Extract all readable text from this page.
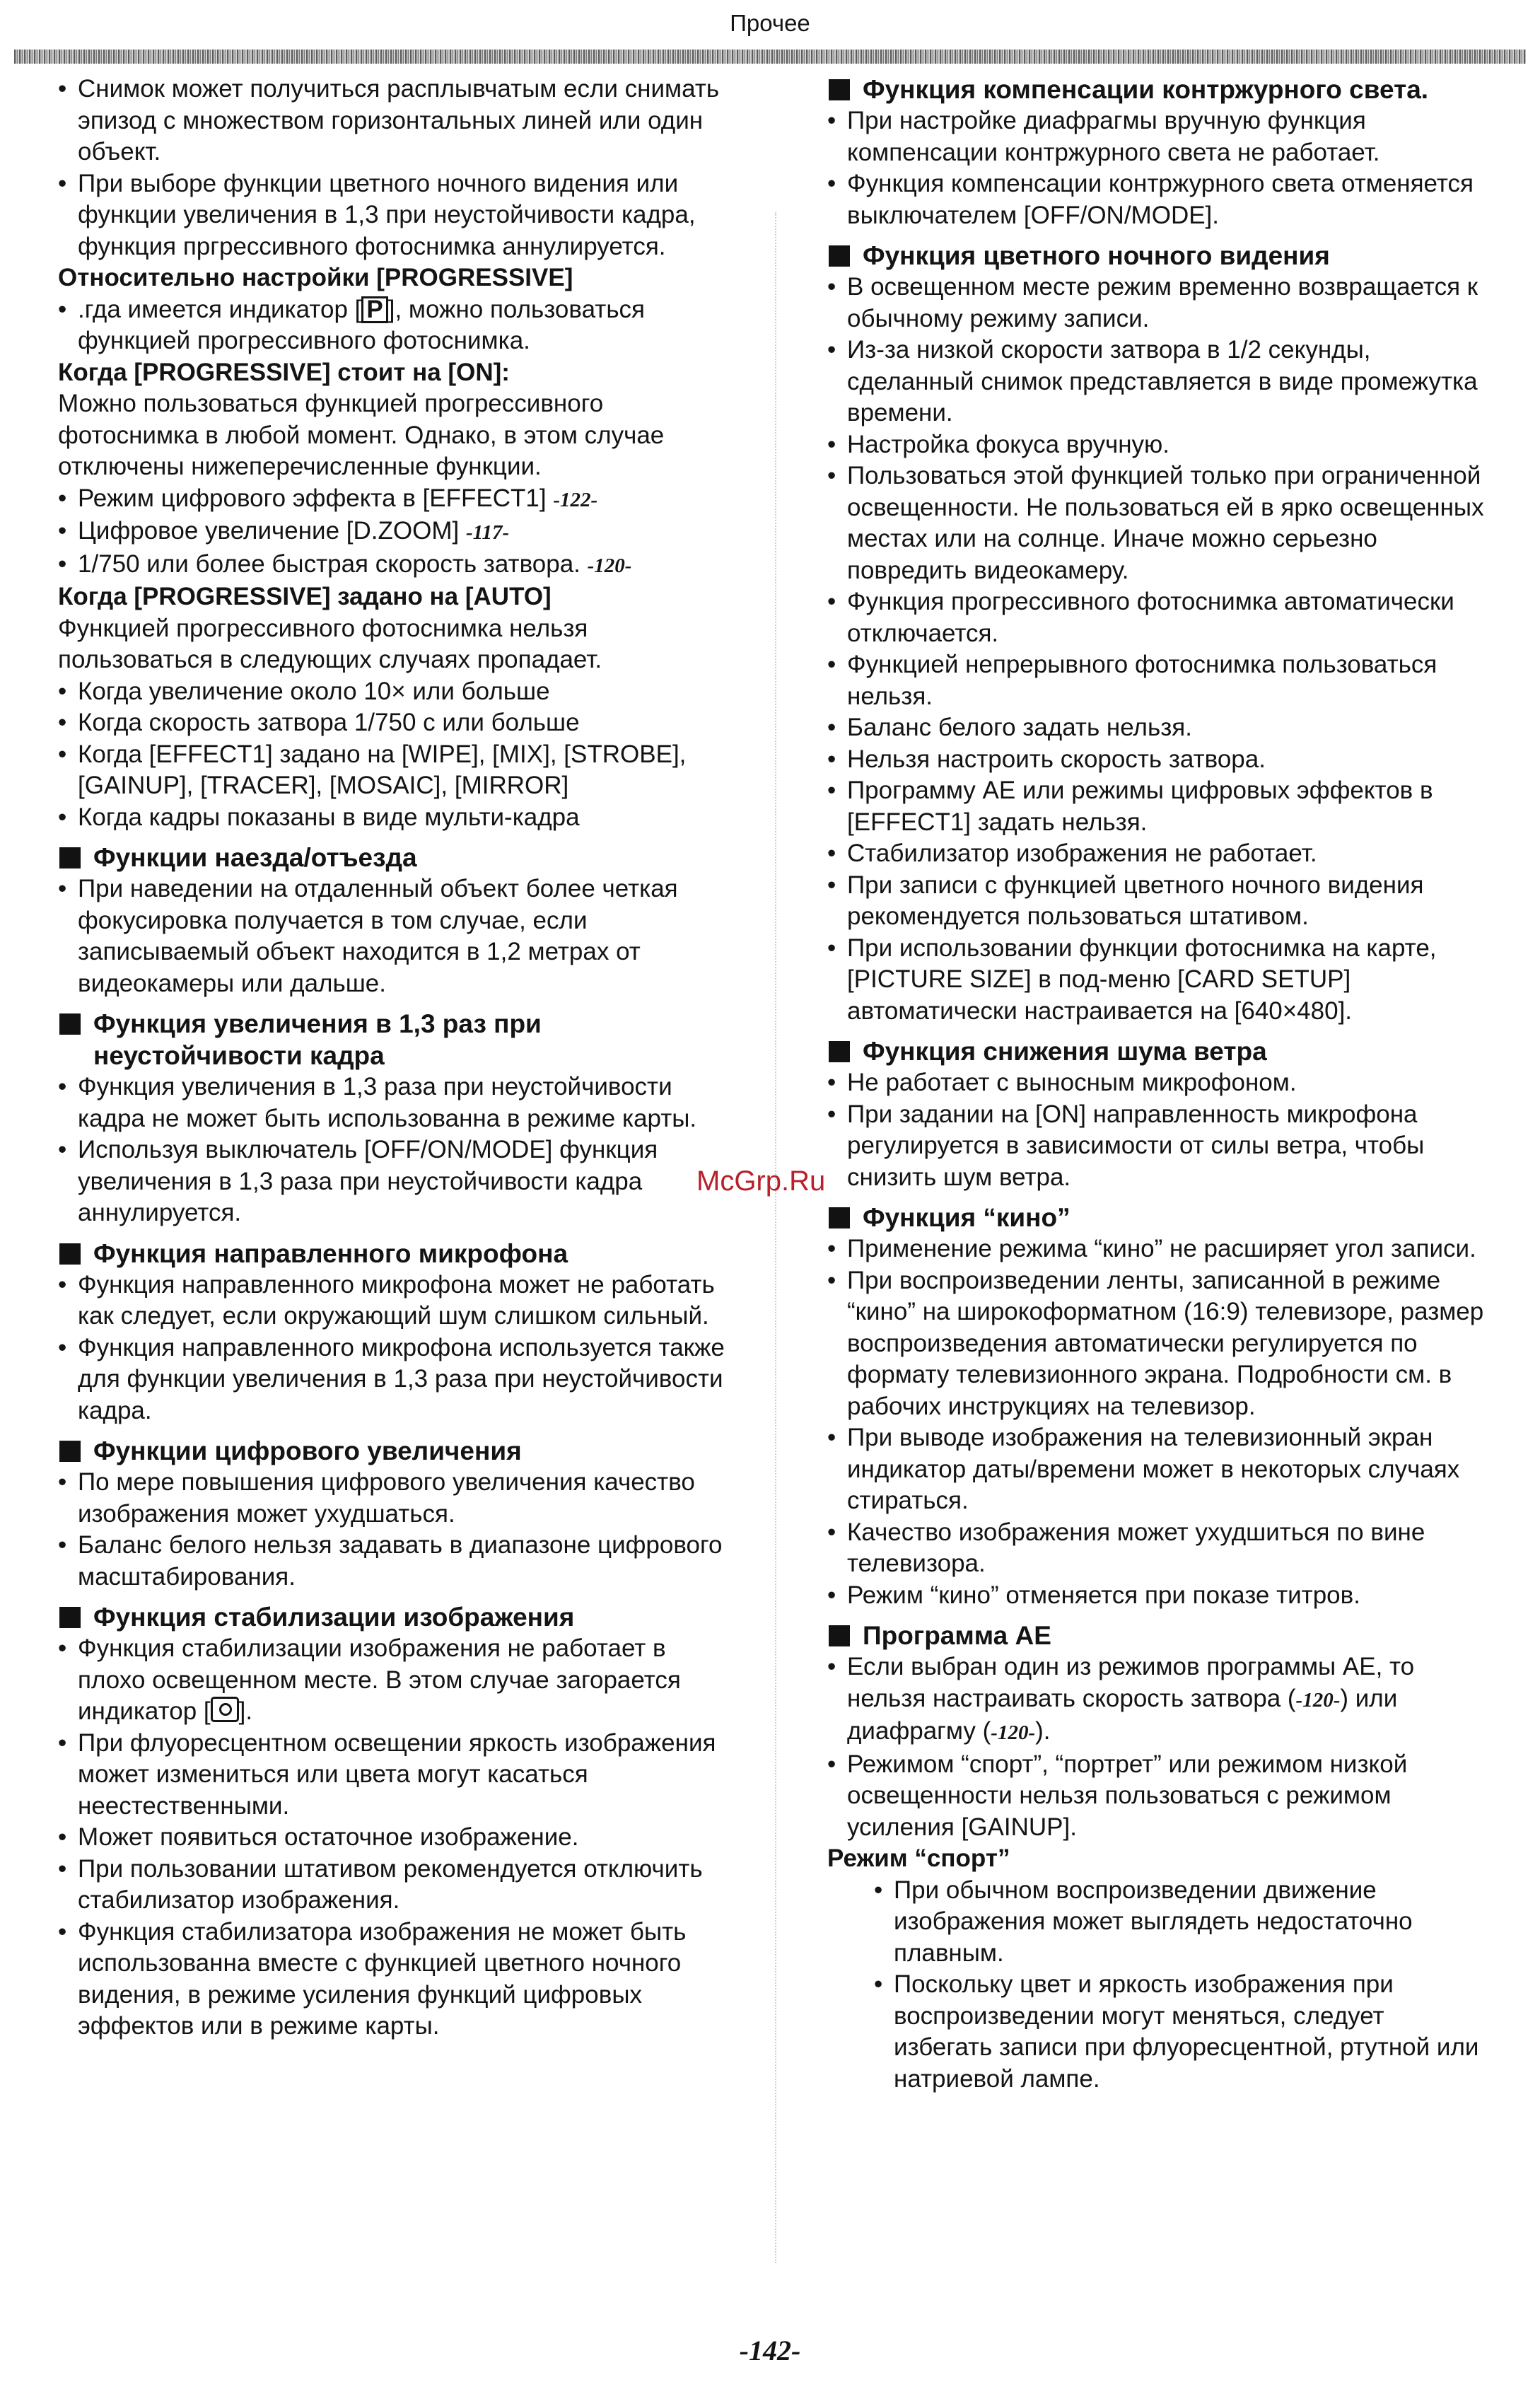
Прочее
• Снимок может получиться расплывчатым если снимать эпизод с множеством горизонтальных линей или один объект.
• При выборе функции цветного ночного видения или функции увеличения в 1,3 при неустойчивости кадра, функция пргрессивного фотоснимка аннулируется.
Относительно настройки [PROGRESSIVE]
• .гда имеется индикатор [ P ], можно пользоваться функцией прогрессивного фотоснимка.
Когда [PROGRESSIVE] стоит на [ON]:
Можно пользоваться функцией прогрессивного фотоснимка в любой момент. Однако, в этом случае отключены нижеперечисленные функции.
• Режим цифрового эффекта в [EFFECT1] -122-
• Цифровое увеличение [D.ZOOM] -117-
• 1/750 или более быстрая скорость затвора. -120-
Когда [PROGRESSIVE] задано на [AUTO]
Функцией прогрессивного фотоснимка нельзя пользоваться в следующих случаях пропадает.
• Когда увеличение около 10× или больше
• Когда скорость затвора 1/750 с или больше
• Когда [EFFECT1] задано на [WIPE], [MIX], [STROBE], [GAINUP], [TRACER], [MOSAIC], [MIRROR]
• Когда кадры показаны в виде мульти-кадра
Функции наезда/отъезда
• При наведении на отдаленный объект более четкая фокусировка получается в том случае, если записываемый объект находится в 1,2 метрах от видеокамеры или дальше.
Функция увеличения в 1,3 раз при неустойчивости кадра
• Функция увеличения в 1,3 раза при неустойчивости кадра не может быть использованна в режиме карты.
• Используя выключатель [OFF/ON/MODE] функция увеличения в 1,3 раза при неустойчивости кадра аннулируется.
Функция направленного микрофона
• Функция направленного микрофона может не работать как следует, если окружающий шум слишком сильный.
• Функция направленного микрофона используется также для функции увеличения в 1,3 раза при неустойчивости кадра.
Функции цифрового увеличения
• По мере повышения цифрового увеличения качество изображения может ухудшаться.
• Баланс белого нельзя задавать в диапазоне цифрового масштабирования.
Функция стабилизации изображения
• Функция стабилизации изображения не работает в плохо освещенном месте. В этом случае загорается индикатор [ ].
• При флуоресцентном освещении яркость изображения может измениться или цвета могут касаться неестественными.
• Может появиться остаточное изображение.
• При пользовании штативом рекомендуется отключить стабилизатор изображения.
• Функция стабилизатора изображения не может быть использованна вместе с функцией цветного ночного видения, в режиме усиления функций цифровых эффектов или в режиме карты.
Функция компенсации контржурного света.
• При настройке диафрагмы вручную функция компенсации контржурного света не работает.
• Функция компенсации контржурного света отменяется выключателем [OFF/ON/MODE].
Функция цветного ночного видения
• В освещенном месте режим временно возвращается к обычному режиму записи.
• Из-за низкой скорости затвора в 1/2 секунды, сделанный снимок представляется в виде промежутка времени.
• Настройка фокуса вручную.
• Пользоваться этой функцией только при ограниченной освещенности. Не пользоваться ей в ярко освещенных местах или на солнце. Иначе можно серьезно повредить видеокамеру.
• Функция прогрессивного фотоснимка автоматически отключается.
• Функцией непрерывного фотоснимка пользоваться нельзя.
• Баланс белого задать нельзя.
• Нельзя настроить скорость затвора.
• Программу AE или режимы цифровых эффектов в [EFFECT1] задать нельзя.
• Стабилизатор изображения не работает.
• При записи с функцией цветного ночного видения рекомендуется пользоваться штативом.
• При использовании функции фотоснимка на карте, [PICTURE SIZE] в под-меню [CARD SETUP] автоматически настраивается на [640×480].
Функция снижения шума ветра
• Не работает с выносным микрофоном.
• При задании на [ON] направленность микрофона регулируется в зависимости от силы ветра, чтобы снизить шум ветра.
Функция “кино”
• Применение режима “кино” не расширяет угол записи.
• При воспроизведении ленты, записанной в режиме “кино” на широкоформатном (16:9) телевизоре, размер воспроизведения автоматически регулируется по формату телевизионного экрана. Подробности см. в рабочих инструкциях на телевизор.
• При выводе изображения на телевизионный экран индикатор даты/времени может в некоторых случаях стираться.
• Качество изображения может ухудшиться по вине телевизора.
• Режим “кино” отменяется при показе титров.
Программа AE
• Если выбран один из режимов программы AE, то нельзя настраивать скорость затвора (-120-) или диафрагму (-120-).
• Режимом “спорт”, “портрет” или режимом низкой освещенности нельзя пользоваться с режимом усиления [GAINUP].
Режим “спорт”
• При обычном воспроизведении движение изображения может выглядеть недостаточно плавным.
• Поскольку цвет и яркость изображения при воспроизведении могут меняться, следует избегать записи при флуоресцентной, ртутной или натриевой лампе.
McGrp.Ru
-142-
